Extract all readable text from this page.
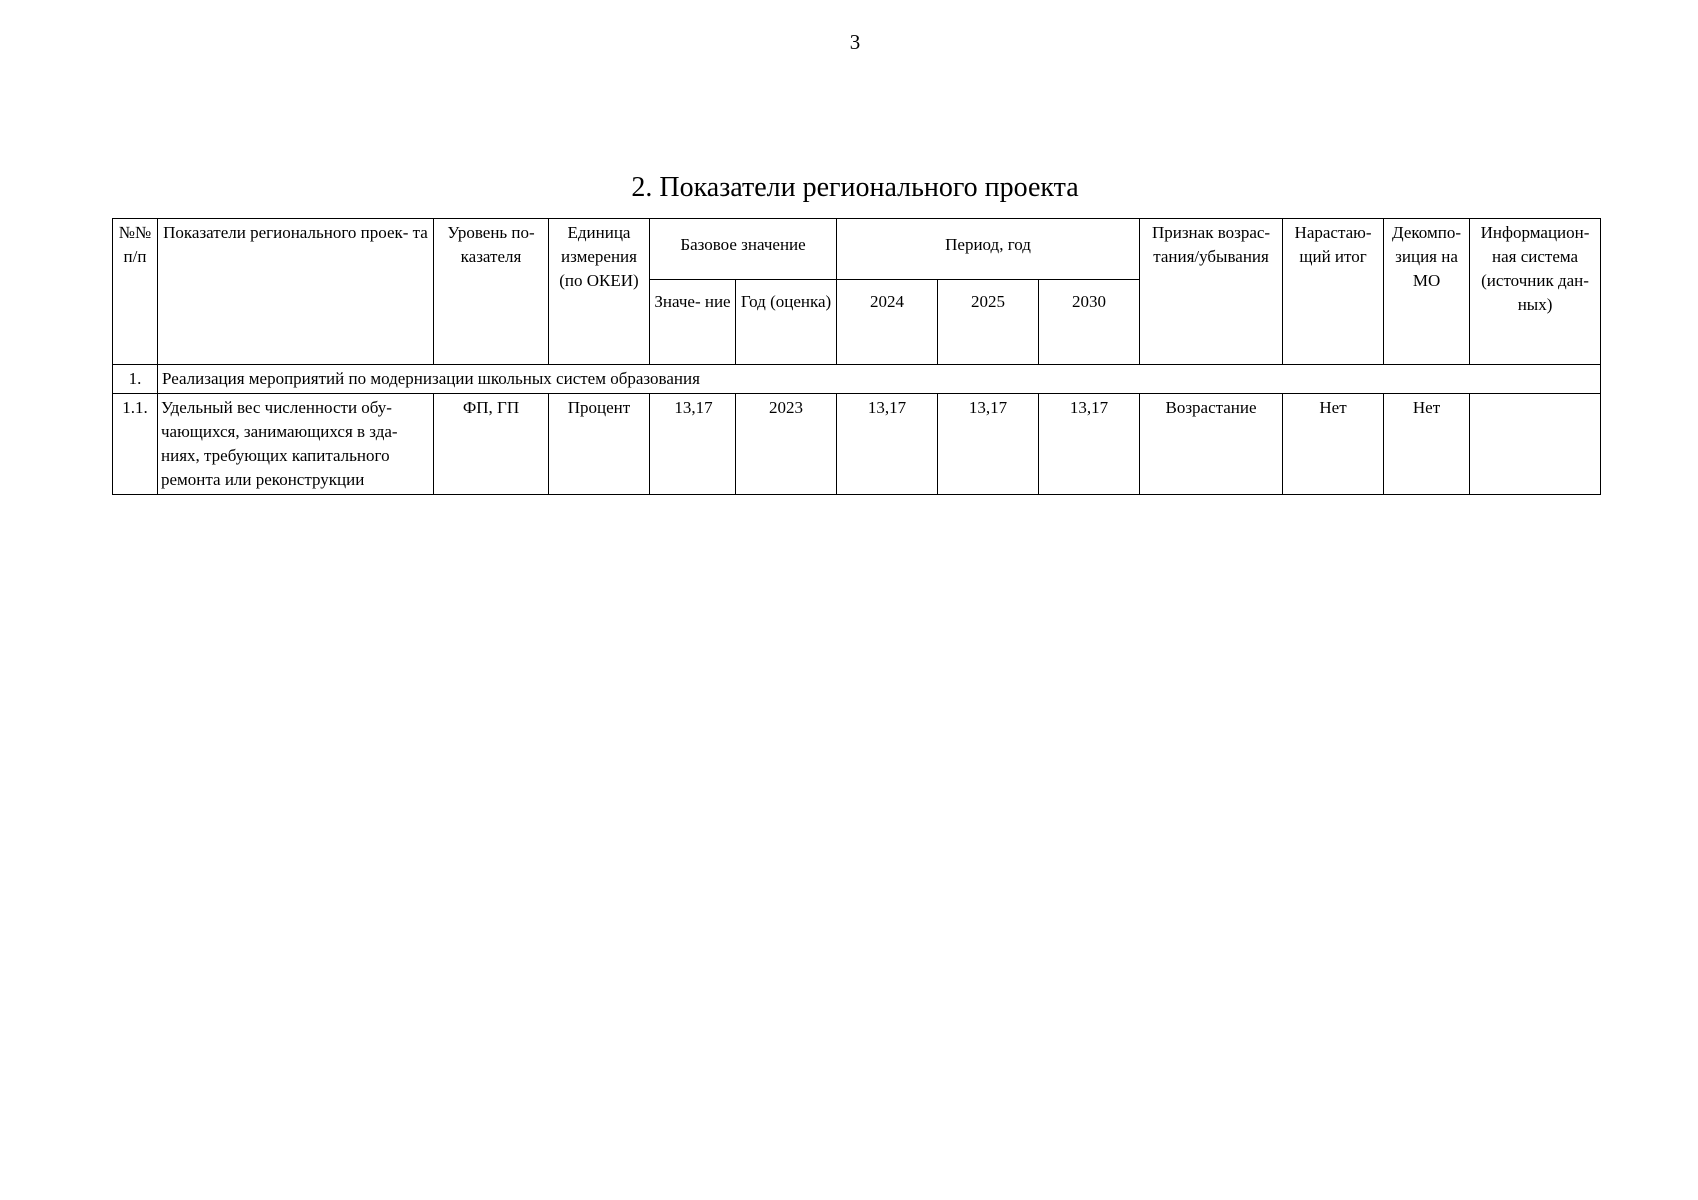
3
2. Показатели регионального проекта
№№ п/п	Показатели регионального проек- та	Уровень по- казателя	Единица измерения (по ОКЕИ)	Базовое значение		Период, год			Признак возрас- тания/убывания	Нарастаю- щий итог	Декомпо- зиция на МО	Информацион- ная система (источник дан- ных)
				Значе- ние	Год (оценка)	2024	2025	2030				
1.	Реализация мероприятий по модернизации школьных систем образования											
1.1.	Удельный вес численности обу- чающихся, занимающихся в зда- ниях, требующих капитального ремонта или реконструкции	ФП, ГП	Процент	13,17	2023	13,17	13,17	13,17	Возрастание	Нет	Нет	
